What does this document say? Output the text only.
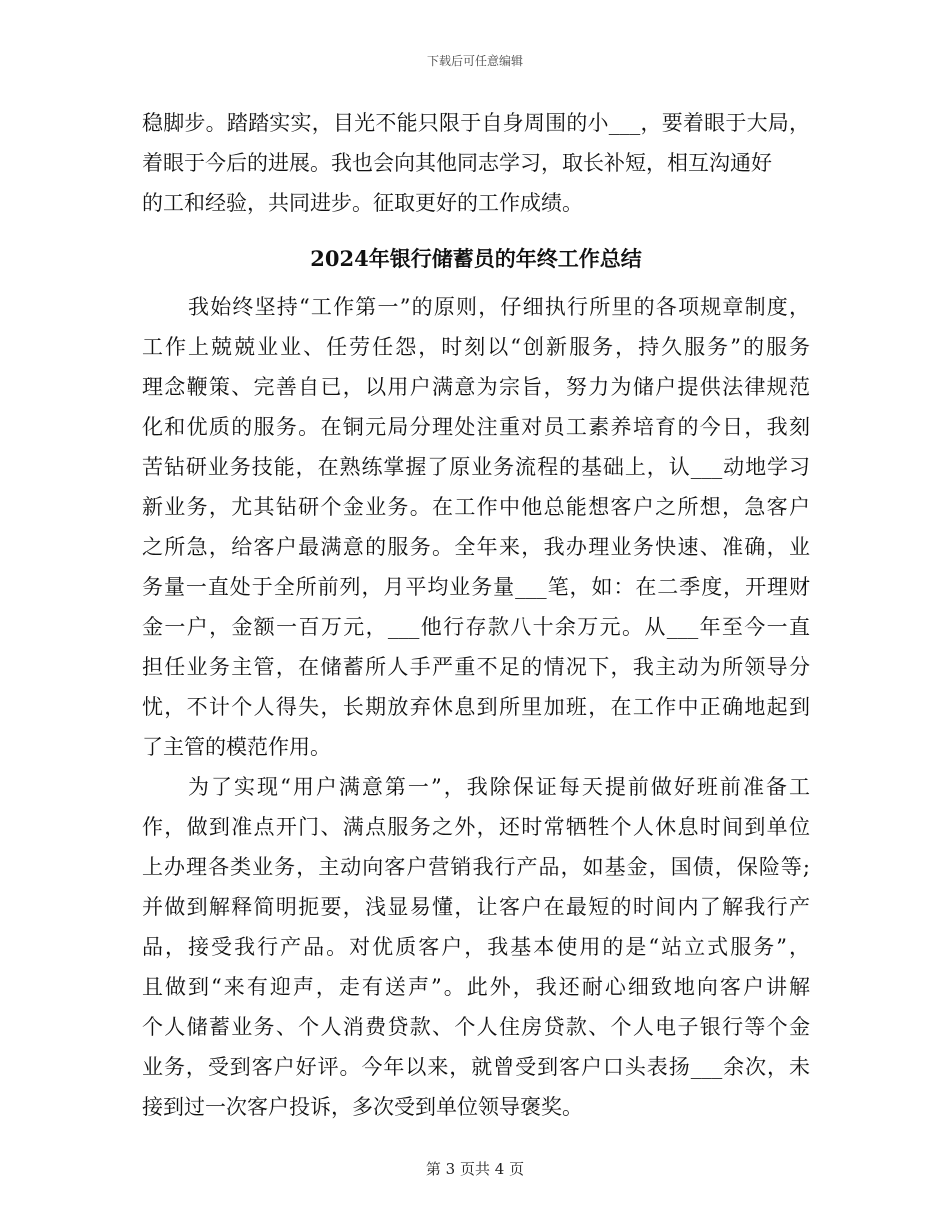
下载后可任意编辑
稳脚步。踏踏实实，目光不能只限于自身周围的小___，要着眼于大局，
着眼于今后的进展。我也会向其他同志学习，取长补短，相互沟通好
的工和经验，共同进步。征取更好的工作成绩。
2024年银行储蓄员的年终工作总结
我始终坚持“工作第一”的原则，仔细执行所里的各项规章制度，
工作上兢兢业业、任劳任怨，时刻以“创新服务，持久服务”的服务
理念鞭策、完善自已，以用户满意为宗旨，努力为储户提供法律规范
化和优质的服务。在铜元局分理处注重对员工素养培育的今日，我刻
苦钻研业务技能，在熟练掌握了原业务流程的基础上，认___动地学习
新业务，尤其钻研个金业务。在工作中他总能想客户之所想，急客户
之所急，给客户最满意的服务。全年来，我办理业务快速、准确，业
务量一直处于全所前列，月平均业务量___笔，如：在二季度，开理财
金一户，金额一百万元，___他行存款八十余万元。从___年至今一直
担任业务主管，在储蓄所人手严重不足的情况下，我主动为所领导分
忧，不计个人得失，长期放弃休息到所里加班，在工作中正确地起到
了主管的模范作用。
为了实现“用户满意第一”，我除保证每天提前做好班前准备工
作，做到准点开门、满点服务之外，还时常牺牲个人休息时间到单位
上办理各类业务，主动向客户营销我行产品，如基金，国债，保险等;
并做到解释简明扼要，浅显易懂，让客户在最短的时间内了解我行产
品，接受我行产品。对优质客户，我基本使用的是“站立式服务”，
且做到“来有迎声，走有送声”。此外，我还耐心细致地向客户讲解
个人储蓄业务、个人消费贷款、个人住房贷款、个人电子银行等个金
业务，受到客户好评。今年以来，就曾受到客户口头表扬___余次，未
接到过一次客户投诉，多次受到单位领导褒奖。
第 3 页共 4 页
